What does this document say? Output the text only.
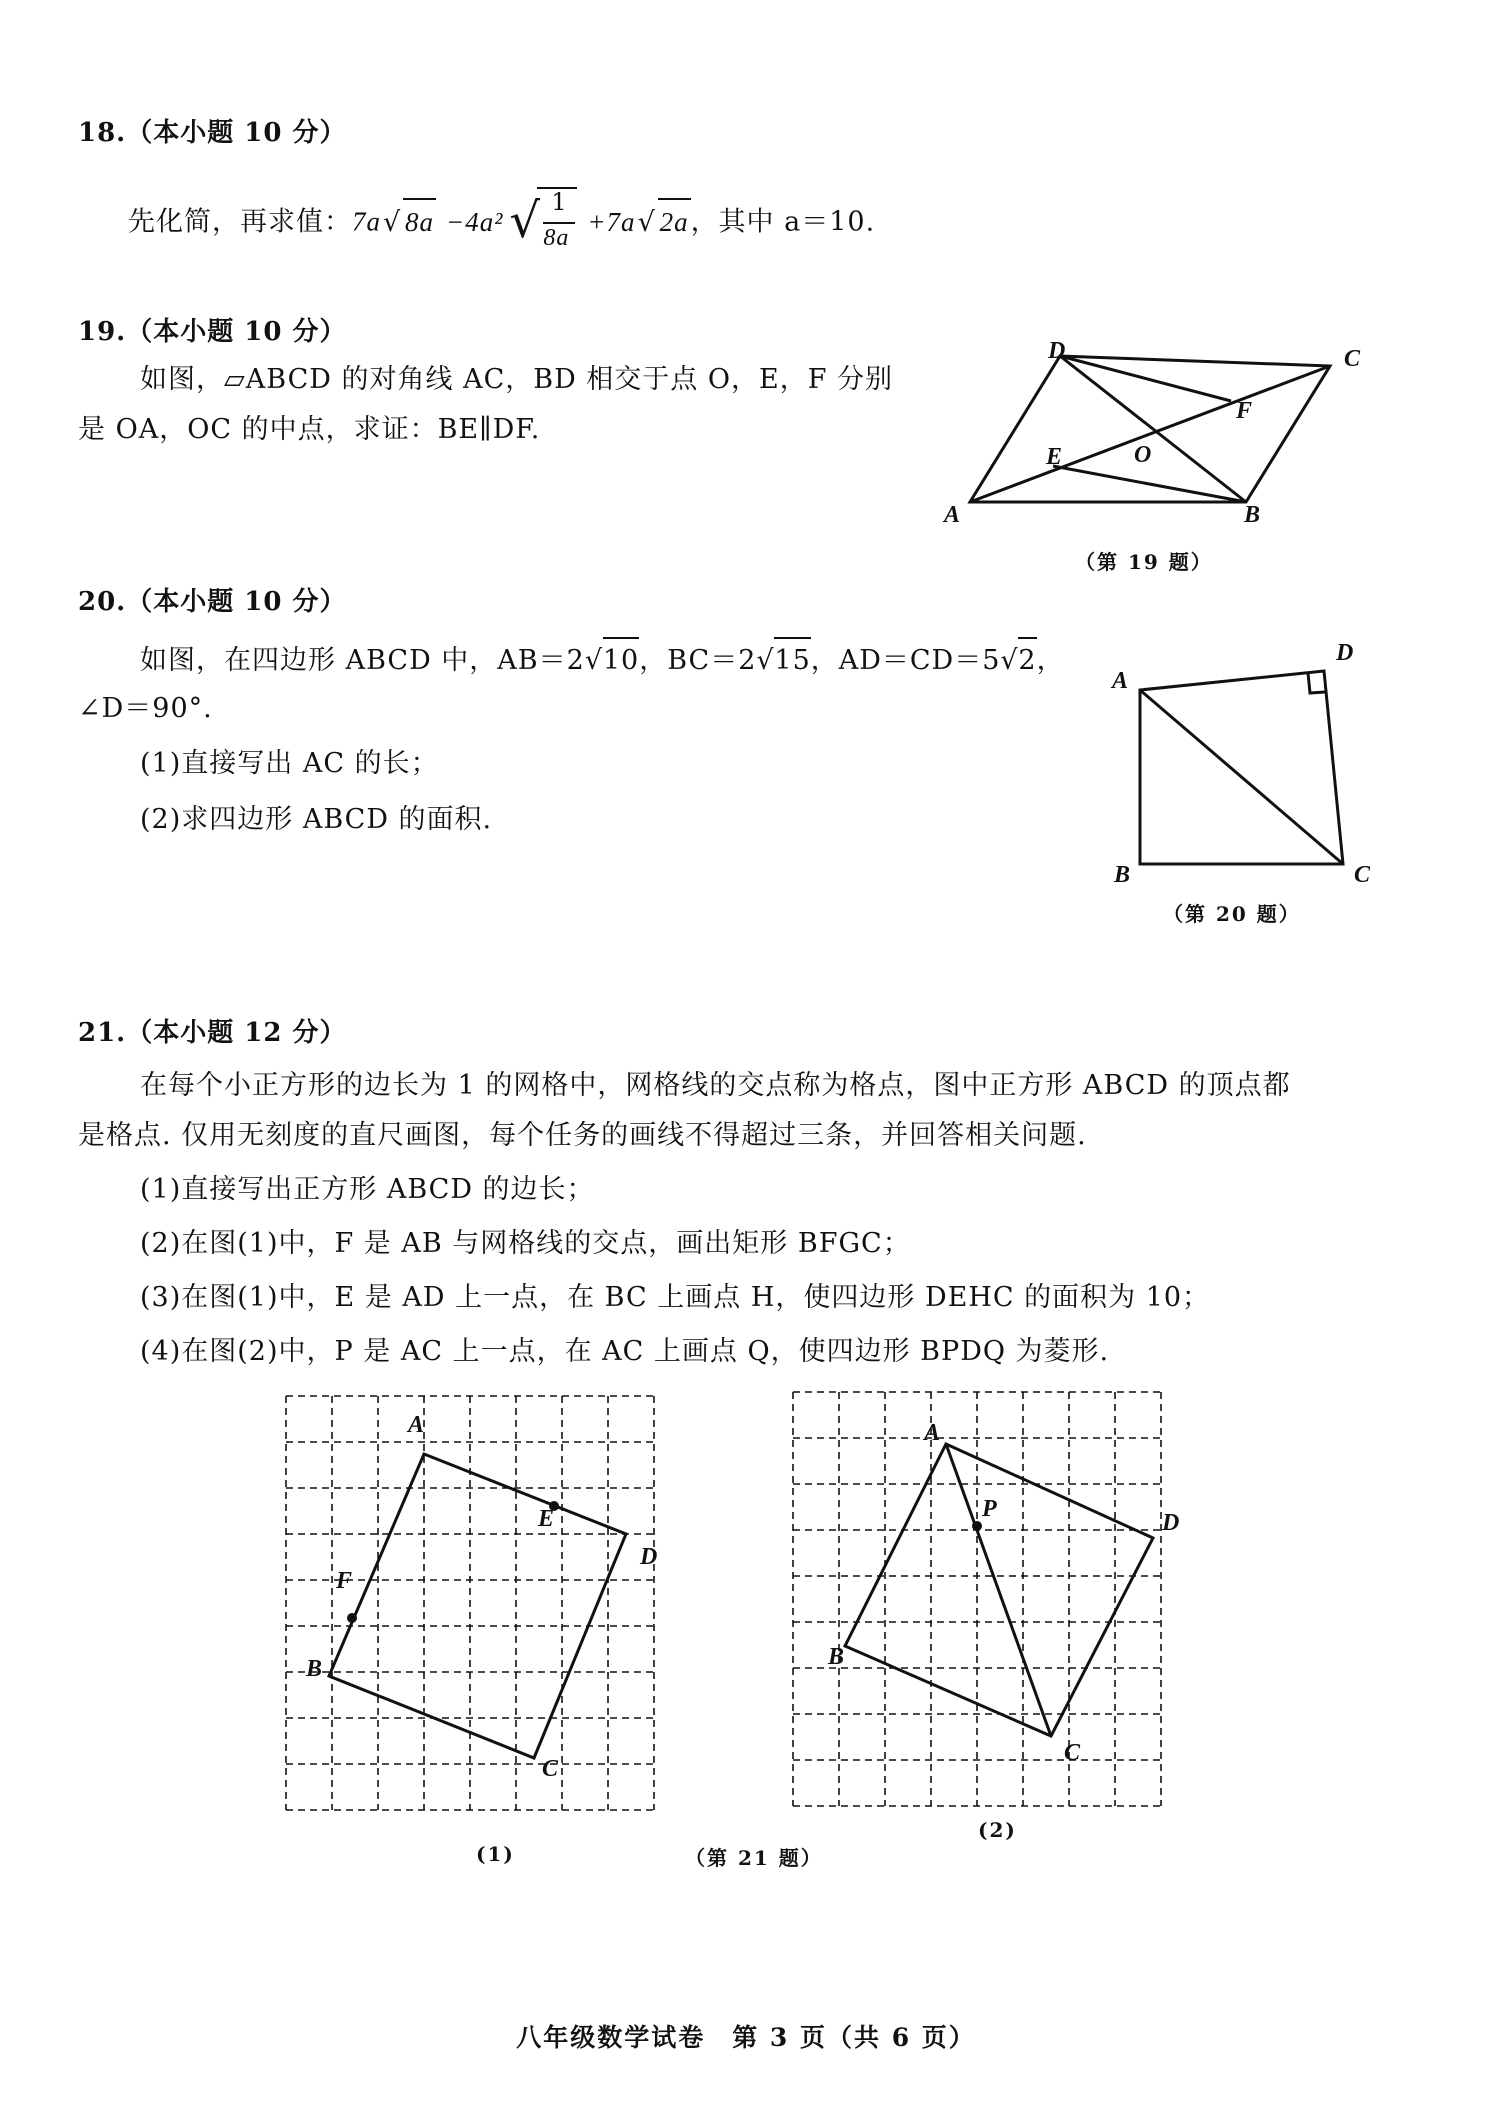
18.（本小题 10 分）
先化简，再求值：7a √ 8a −4a² √ 1
8a
+7a √ 2a，其中 a＝10.
19.（本小题 10 分）
如图，▱ABCD 的对角线 AC，BD 相交于点 O，E，F 分别
是 OA，OC 的中点，求证：BE∥DF.
D	C
F
O
E
A	B
（第 19 题）
20.（本小题 10 分）
如图，在四边形 ABCD 中，AB＝2 √ 10，BC＝2 √ 15，AD＝CD＝5 √ 2，
∠D＝90°.
(1)直接写出 AC 的长；
(2)求四边形 ABCD 的面积.
A
D
B	C
（第 20 题）
21.（本小题 12 分）
在每个小正方形的边长为 1 的网格中，网格线的交点称为格点，图中正方形 ABCD 的顶点都
是格点. 仅用无刻度的直尺画图，每个任务的画线不得超过三条，并回答相关问题.
(1)直接写出正方形 ABCD 的边长；
(2)在图(1)中，F 是 AB 与网格线的交点，画出矩形 BFGC；
(3)在图(1)中，E 是 AD 上一点，在 BC 上画点 H，使四边形 DEHC 的面积为 10；
(4)在图(2)中，P 是 AC 上一点，在 AC 上画点 Q，使四边形 BPDQ 为菱形.
A
E
D
F
B
C
A
P
D
B
C
(1)	（第 21 题）
(2)
八年级数学试卷　第 3 页（共 6 页）
